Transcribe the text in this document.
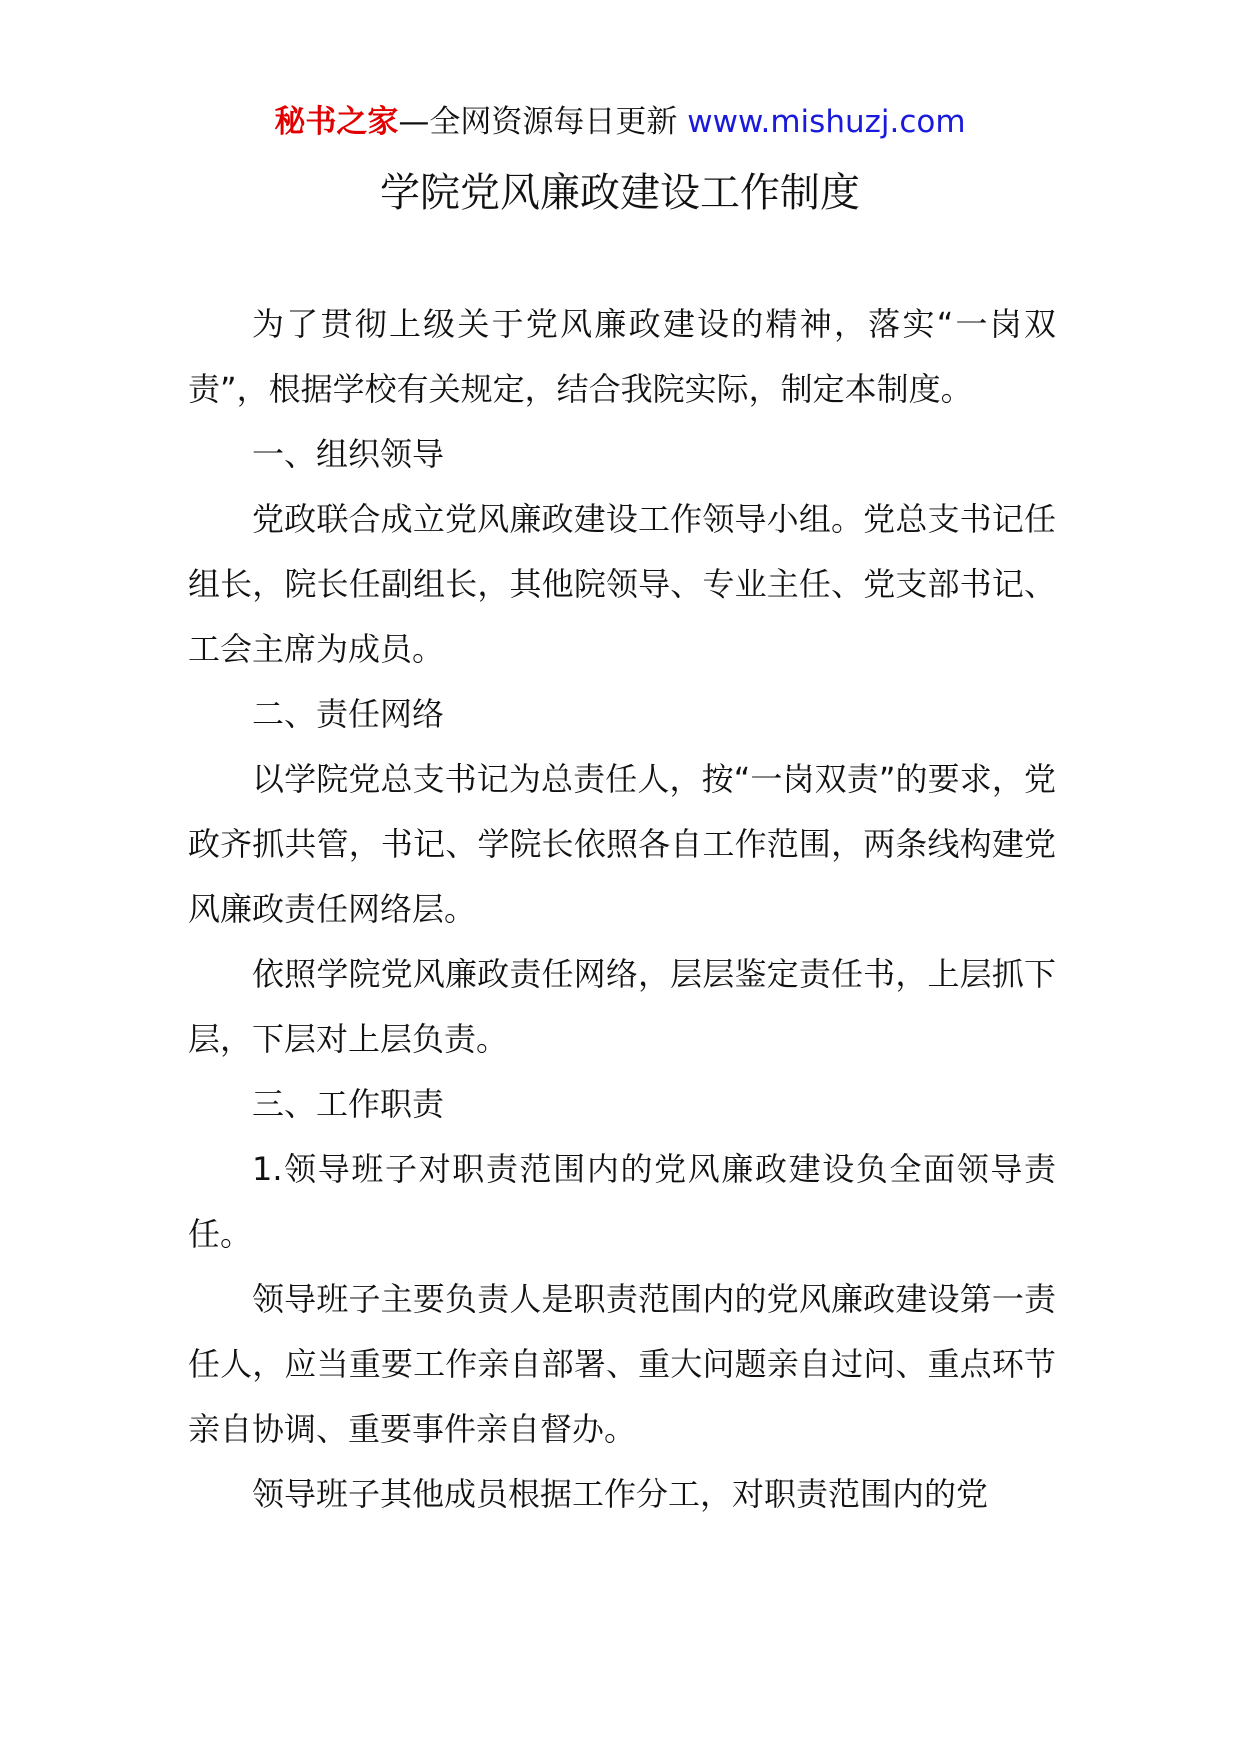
秘书之家—全网资源每日更新 www.mishuzj.com
学院党风廉政建设工作制度

为了贯彻上级关于党风廉政建设的精神，落实“一岗双责”，根据学校有关规定，结合我院实际，制定本制度。

一、组织领导

党政联合成立党风廉政建设工作领导小组。党总支书记任组长，院长任副组长，其他院领导、专业主任、党支部书记、工会主席为成员。

二、责任网络

以学院党总支书记为总责任人，按“一岗双责”的要求，党政齐抓共管，书记、学院长依照各自工作范围，两条线构建党风廉政责任网络层。

依照学院党风廉政责任网络，层层鉴定责任书，上层抓下层，下层对上层负责。

三、工作职责

1.领导班子对职责范围内的党风廉政建设负全面领导责任。

领导班子主要负责人是职责范围内的党风廉政建设第一责任人，应当重要工作亲自部署、重大问题亲自过问、重点环节亲自协调、重要事件亲自督办。

领导班子其他成员根据工作分工，对职责范围内的党
